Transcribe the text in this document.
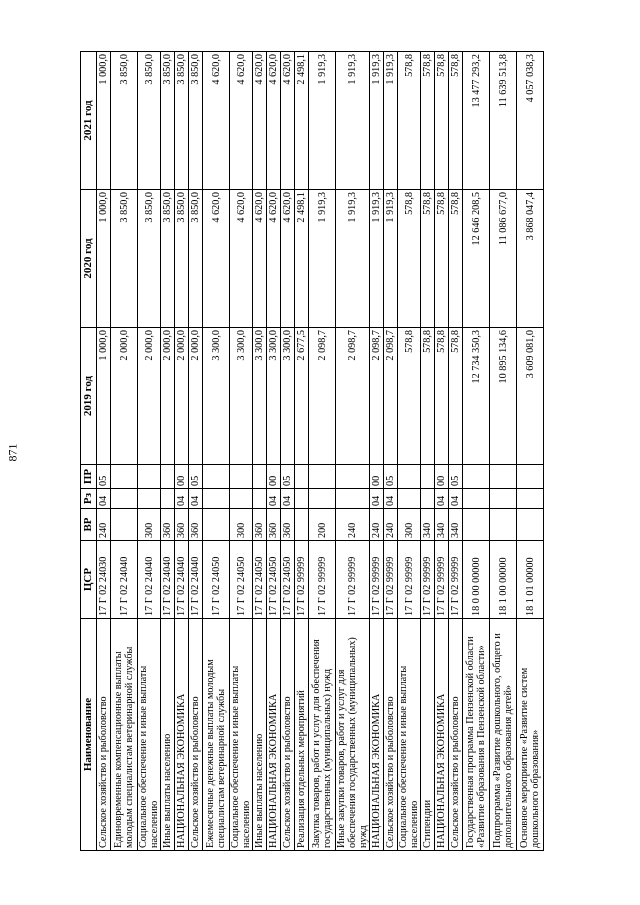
871
Наименование	ЦСР	ВР	Рз	ПР	2019 год	2020 год	2021 год
Сельское хозяйство и рыболовство	17 Г 02 24030	240	04	05	1 000,0	1 000,0	1 000,0
Единовременные компенсационные выплаты молодым специалистам ветеринарной службы	17 Г 02 24040				2 000,0	3 850,0	3 850,0
Социальное обеспечение и иные выплаты населению	17 Г 02 24040	300			2 000,0	3 850,0	3 850,0
Иные выплаты населению	17 Г 02 24040	360			2 000,0	3 850,0	3 850,0
НАЦИОНАЛЬНАЯ ЭКОНОМИКА	17 Г 02 24040	360	04	00	2 000,0	3 850,0	3 850,0
Сельское хозяйство и рыболовство	17 Г 02 24040	360	04	05	2 000,0	3 850,0	3 850,0
Ежемесячные денежные выплаты молодым специалистам ветеринарной службы	17 Г 02 24050				3 300,0	4 620,0	4 620,0
Социальное обеспечение и иные выплаты населению	17 Г 02 24050	300			3 300,0	4 620,0	4 620,0
Иные выплаты населению	17 Г 02 24050	360			3 300,0	4 620,0	4 620,0
НАЦИОНАЛЬНАЯ ЭКОНОМИКА	17 Г 02 24050	360	04	00	3 300,0	4 620,0	4 620,0
Сельское хозяйство и рыболовство	17 Г 02 24050	360	04	05	3 300,0	4 620,0	4 620,0
Реализация отдельных мероприятий	17 Г 02 99999				2 677,5	2 498,1	2 498,1
Закупка товаров, работ и услуг для обеспечения государственных (муниципальных) нужд	17 Г 02 99999	200			2 098,7	1 919,3	1 919,3
Иные закупки товаров, работ и услуг для обеспечения государственных (муниципальных) нужд	17 Г 02 99999	240			2 098,7	1 919,3	1 919,3
НАЦИОНАЛЬНАЯ ЭКОНОМИКА	17 Г 02 99999	240	04	00	2 098,7	1 919,3	1 919,3
Сельское хозяйство и рыболовство	17 Г 02 99999	240	04	05	2 098,7	1 919,3	1 919,3
Социальное обеспечение и иные выплаты населению	17 Г 02 99999	300			578,8	578,8	578,8
Стипендии	17 Г 02 99999	340			578,8	578,8	578,8
НАЦИОНАЛЬНАЯ ЭКОНОМИКА	17 Г 02 99999	340	04	00	578,8	578,8	578,8
Сельское хозяйство и рыболовство	17 Г 02 99999	340	04	05	578,8	578,8	578,8
Государственная программа Пензенской области «Развитие образования в Пензенской области»	18 0 00 00000				12 734 350,3	12 646 208,5	13 477 293,2
Подпрограмма «Развитие дошкольного, общего и дополнительного образования детей»	18 1 00 00000				10 895 134,6	11 086 677,0	11 639 513,8
Основное мероприятие «Развитие систем дошкольного образования»	18 1 01 00000				3 609 081,0	3 868 047,4	4 057 038,3
